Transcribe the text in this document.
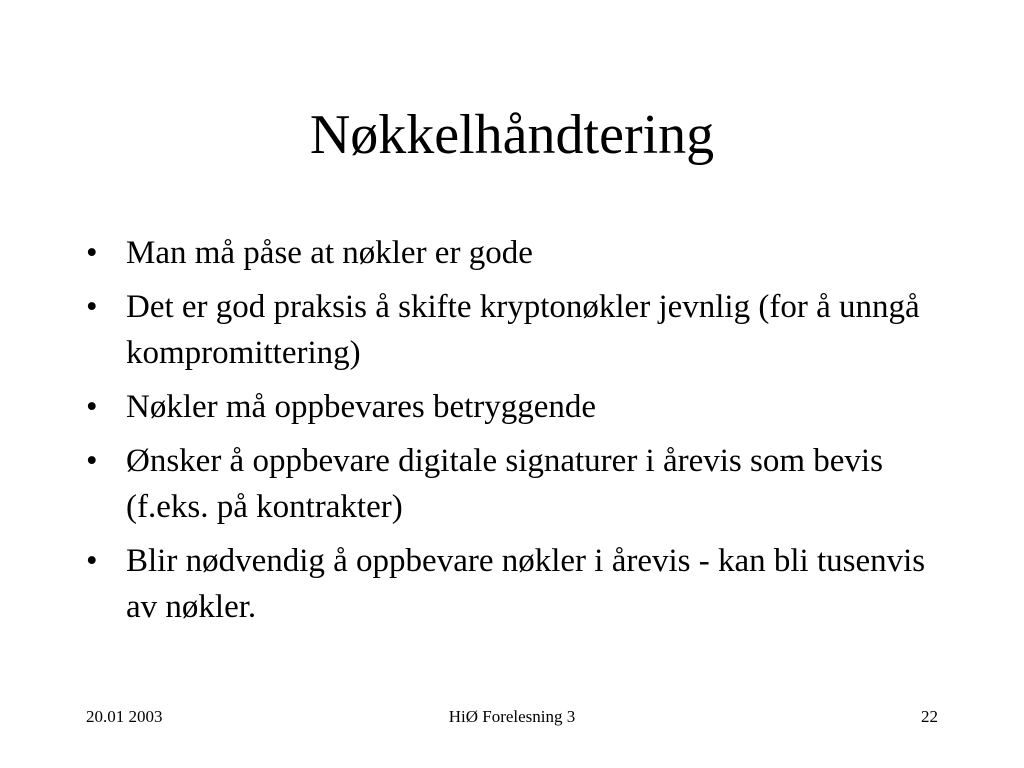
Nøkkelhåndtering
• Man må påse at nøkler er gode
• Det er god praksis å skifte kryptonøkler jevnlig (for å unngå kompromittering)
• Nøkler må oppbevares betryggende
• Ønsker å oppbevare digitale signaturer i årevis som bevis (f.eks. på kontrakter)
• Blir nødvendig å oppbevare nøkler i årevis - kan bli tusenvis av nøkler.
20.01 2003	HiØ Forelesning 3	22
